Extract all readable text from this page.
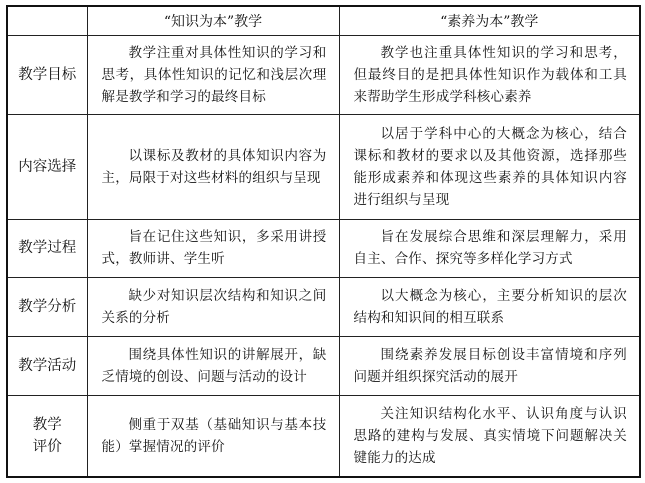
	“知识为本”教学	“素养为本”教学
教学目标	教学注重对具体性知识的学习和思考，具体性知识的记忆和浅层次理解是教学和学习的最终目标	教学也注重具体性知识的学习和思考，但最终目的是把具体性知识作为载体和工具来帮助学生形成学科核心素养
内容选择	以课标及教材的具体知识内容为主，局限于对这些材料的组织与呈现	以居于学科中心的大概念为核心，结合课标和教材的要求以及其他资源，选择那些能形成素养和体现这些素养的具体知识内容进行组织与呈现
教学过程	旨在记住这些知识，多采用讲授式，教师讲、学生听	旨在发展综合思维和深层理解力，采用自主、合作、探究等多样化学习方式
教学分析	缺少对知识层次结构和知识之间关系的分析	以大概念为核心，主要分析知识的层次结构和知识间的相互联系
教学活动	围绕具体性知识的讲解展开，缺乏情境的创设、问题与活动的设计	围绕素养发展目标创设丰富情境和序列问题并组织探究活动的展开
教学评价	侧重于双基（基础知识与基本技能）掌握情况的评价	关注知识结构化水平、认识角度与认识思路的建构与发展、真实情境下问题解决关键能力的达成
